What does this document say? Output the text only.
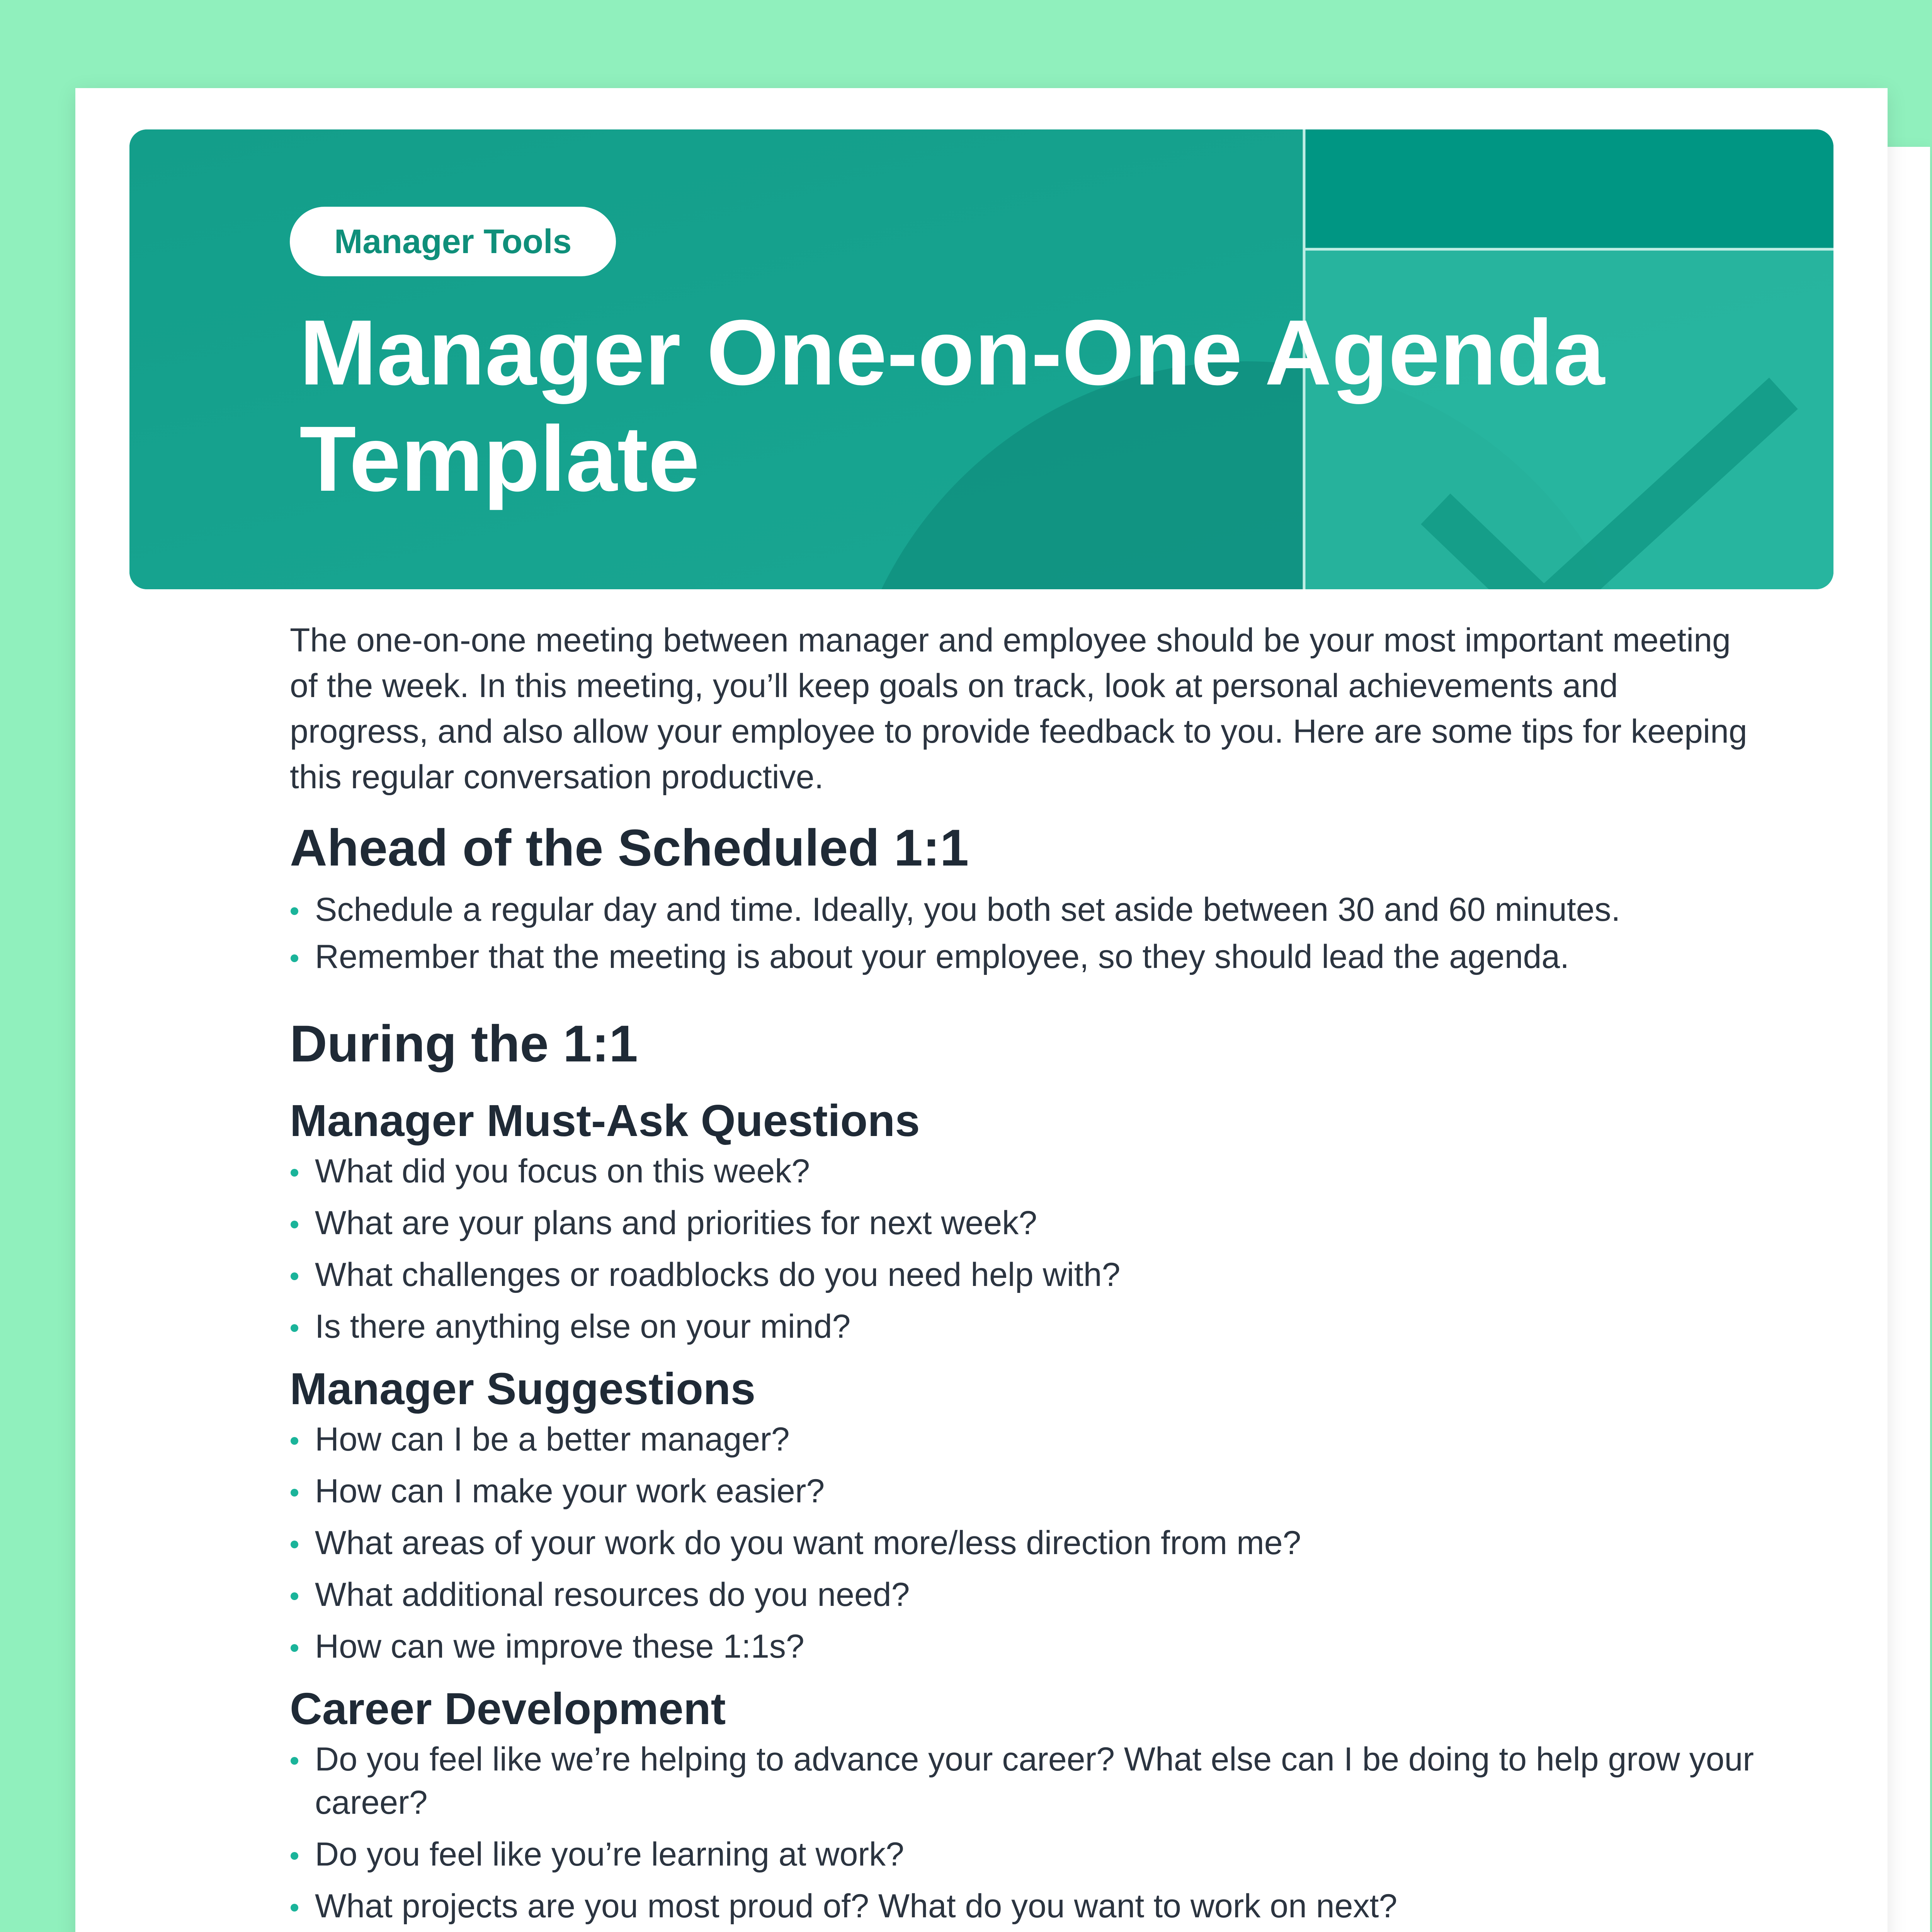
Manager Tools
Manager One-on-One Agenda Template

The one-on-one meeting between manager and employee should be your most important meeting of the week. In this meeting, you’ll keep goals on track, look at personal achievements and progress, and also allow your employee to provide feedback to you. Here are some tips for keeping this regular conversation productive.

Ahead of the Scheduled 1:1
Schedule a regular day and time. Ideally, you both set aside between 30 and 60 minutes.
Remember that the meeting is about your employee, so they should lead the agenda.
During the 1:1
Manager Must-Ask Questions
What did you focus on this week?
What are your plans and priorities for next week?
What challenges or roadblocks do you need help with?
Is there anything else on your mind?
Manager Suggestions
How can I be a better manager?
How can I make your work easier?
What areas of your work do you want more/less direction from me?
What additional resources do you need?
How can we improve these 1:1s?
Career Development
Do you feel like we’re helping to advance your career? What else can I be doing to help grow your career?
Do you feel like you’re learning at work?
What projects are you most proud of? What do you want to work on next?
